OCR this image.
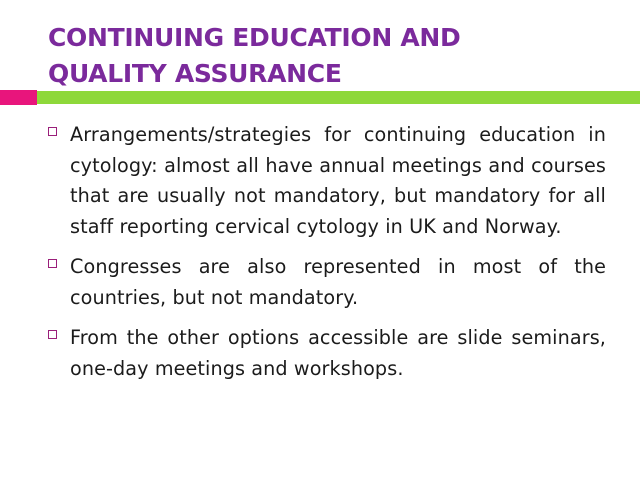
CONTINUING EDUCATION AND
QUALITY ASSURANCE
Arrangements/strategies for continuing education in cytology: almost all have annual meetings and courses that are usually not mandatory, but mandatory for all staff reporting cervical cytology in UK and Norway.
Congresses are also represented in most of the countries, but not mandatory.
From the other options accessible are slide seminars, one-day meetings and workshops.
